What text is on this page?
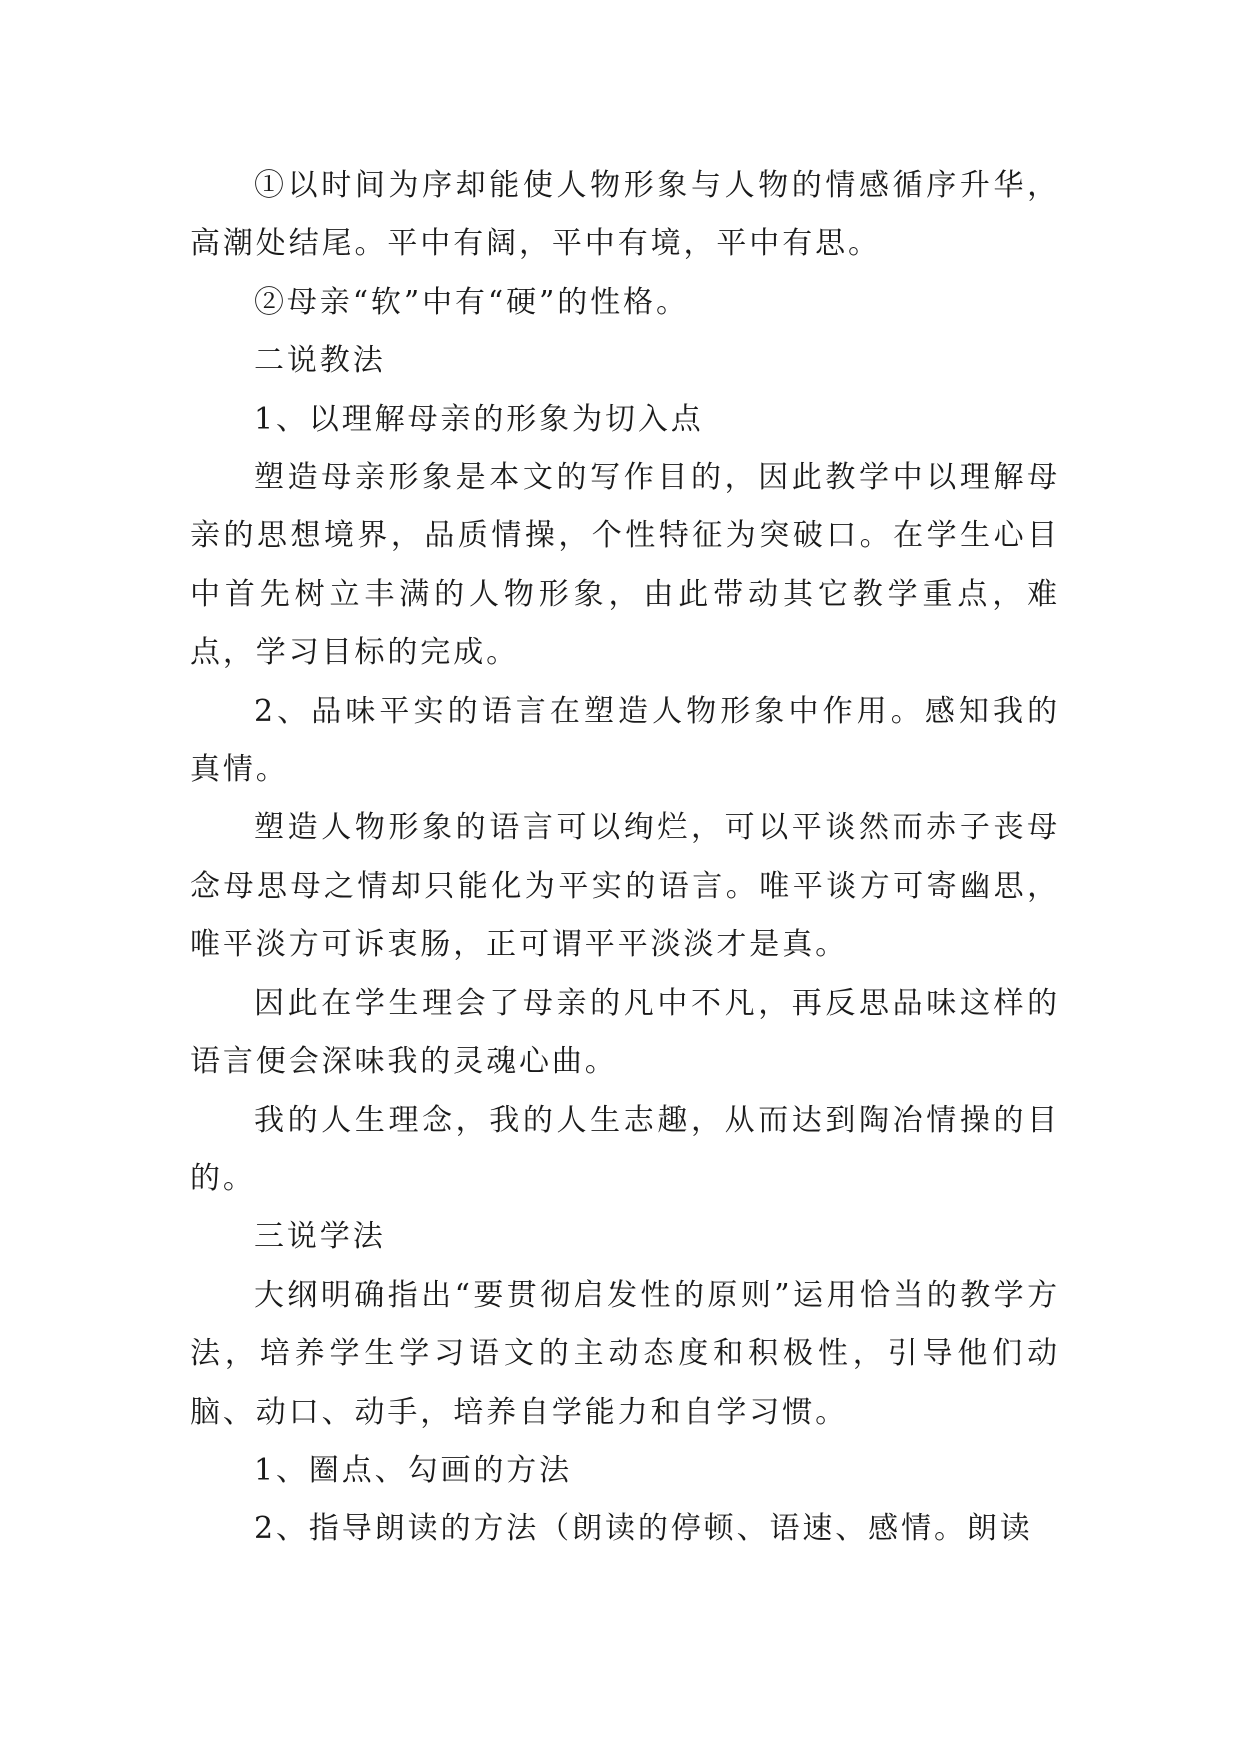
①以时间为序却能使人物形象与人物的情感循序升华，高潮处结尾。平中有阔，平中有境，平中有思。

②母亲“软”中有“硬”的性格。

二说教法

1、以理解母亲的形象为切入点

塑造母亲形象是本文的写作目的，因此教学中以理解母亲的思想境界，品质情操，个性特征为突破口。在学生心目中首先树立丰满的人物形象，由此带动其它教学重点，难点，学习目标的完成。

2、品味平实的语言在塑造人物形象中作用。感知我的真情。

塑造人物形象的语言可以绚烂，可以平谈然而赤子丧母念母思母之情却只能化为平实的语言。唯平谈方可寄幽思，唯平淡方可诉衷肠，正可谓平平淡淡才是真。

因此在学生理会了母亲的凡中不凡，再反思品味这样的语言便会深味我的灵魂心曲。

我的人生理念，我的人生志趣，从而达到陶冶情操的目的。

三说学法

大纲明确指出“要贯彻启发性的原则”运用恰当的教学方法，培养学生学习语文的主动态度和积极性，引导他们动脑、动口、动手，培养自学能力和自学习惯。

1、圈点、勾画的方法

2、指导朗读的方法（朗读的停顿、语速、感情。朗读
